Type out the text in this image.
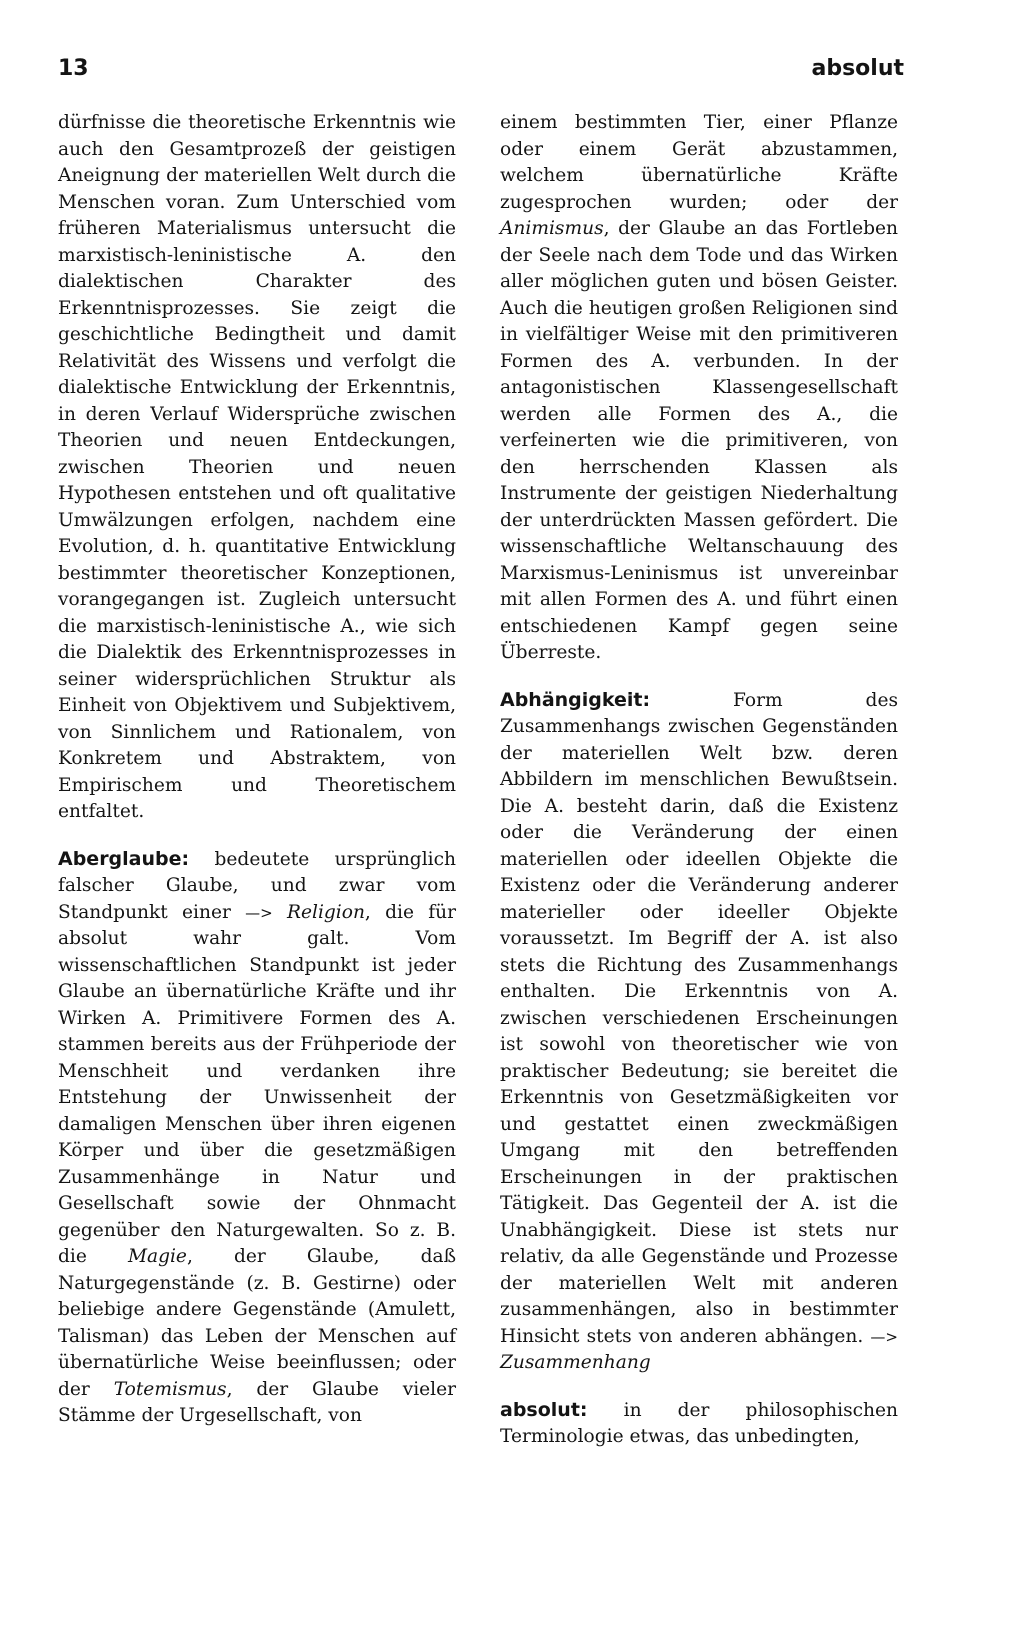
13	absolut

dürfnisse die theoretische Erkenntnis wie auch den Gesamtprozeß der geistigen Aneignung der materiellen Welt durch die Menschen voran. Zum Unterschied vom früheren Materialismus untersucht die marxistisch-leninistische A. den dialektischen Charakter des Erkenntnisprozesses. Sie zeigt die geschichtliche Bedingtheit und damit Relativität des Wissens und verfolgt die dialektische Entwicklung der Erkenntnis, in deren Verlauf Widersprüche zwischen Theorien und neuen Entdeckungen, zwischen Theorien und neuen Hypothesen entstehen und oft qualitative Umwälzungen erfolgen, nachdem eine Evolution, d. h. quantitative Entwicklung bestimmter theoretischer Konzeptionen, vorangegangen ist. Zugleich untersucht die marxistisch-leninistische A., wie sich die Dialektik des Erkenntnisprozesses in seiner widersprüchlichen Struktur als Einheit von Objektivem und Subjektivem, von Sinnlichem und Rationalem, von Konkretem und Abstraktem, von Empirischem und Theoretischem entfaltet.

Aberglaube: bedeutete ursprünglich falscher Glaube, und zwar vom Standpunkt einer —> Religion, die für absolut wahr galt. Vom wissenschaftlichen Standpunkt ist jeder Glaube an übernatürliche Kräfte und ihr Wirken A. Primitivere Formen des A. stammen bereits aus der Frühperiode der Menschheit und verdanken ihre Entstehung der Unwissenheit der damaligen Menschen über ihren eigenen Körper und über die gesetzmäßigen Zusammenhänge in Natur und Gesellschaft sowie der Ohnmacht gegenüber den Naturgewalten. So z. B. die Magie, der Glaube, daß Naturgegenstände (z. B. Gestirne) oder beliebige andere Gegenstände (Amulett, Talisman) das Leben der Menschen auf übernatürliche Weise beeinflussen; oder der Totemismus, der Glaube vieler Stämme der Urgesellschaft, von

einem bestimmten Tier, einer Pflanze oder einem Gerät abzustammen, welchem übernatürliche Kräfte zugesprochen wurden; oder der Animismus, der Glaube an das Fortleben der Seele nach dem Tode und das Wirken aller möglichen guten und bösen Geister. Auch die heutigen großen Religionen sind in vielfältiger Weise mit den primitiveren Formen des A. verbunden. In der antagonistischen Klassengesellschaft werden alle Formen des A., die verfeinerten wie die primitiveren, von den herrschenden Klassen als Instrumente der geistigen Niederhaltung der unterdrückten Massen gefördert. Die wissenschaftliche Weltanschauung des Marxismus-Leninismus ist unvereinbar mit allen Formen des A. und führt einen entschiedenen Kampf gegen seine Überreste.

Abhängigkeit: Form des Zusammenhangs zwischen Gegenständen der materiellen Welt bzw. deren Abbildern im menschlichen Bewußtsein. Die A. besteht darin, daß die Existenz oder die Veränderung der einen materiellen oder ideellen Objekte die Existenz oder die Veränderung anderer materieller oder ideeller Objekte voraussetzt. Im Begriff der A. ist also stets die Richtung des Zusammenhangs enthalten. Die Erkenntnis von A. zwischen verschiedenen Erscheinungen ist sowohl von theoretischer wie von praktischer Bedeutung; sie bereitet die Erkenntnis von Gesetzmäßigkeiten vor und gestattet einen zweckmäßigen Umgang mit den betreffenden Erscheinungen in der praktischen Tätigkeit. Das Gegenteil der A. ist die Unabhängigkeit. Diese ist stets nur relativ, da alle Gegenstände und Prozesse der materiellen Welt mit anderen zusammenhängen, also in bestimmter Hinsicht stets von anderen abhängen. —> Zusammenhang

absolut: in der philosophischen Terminologie etwas, das unbedingten,
